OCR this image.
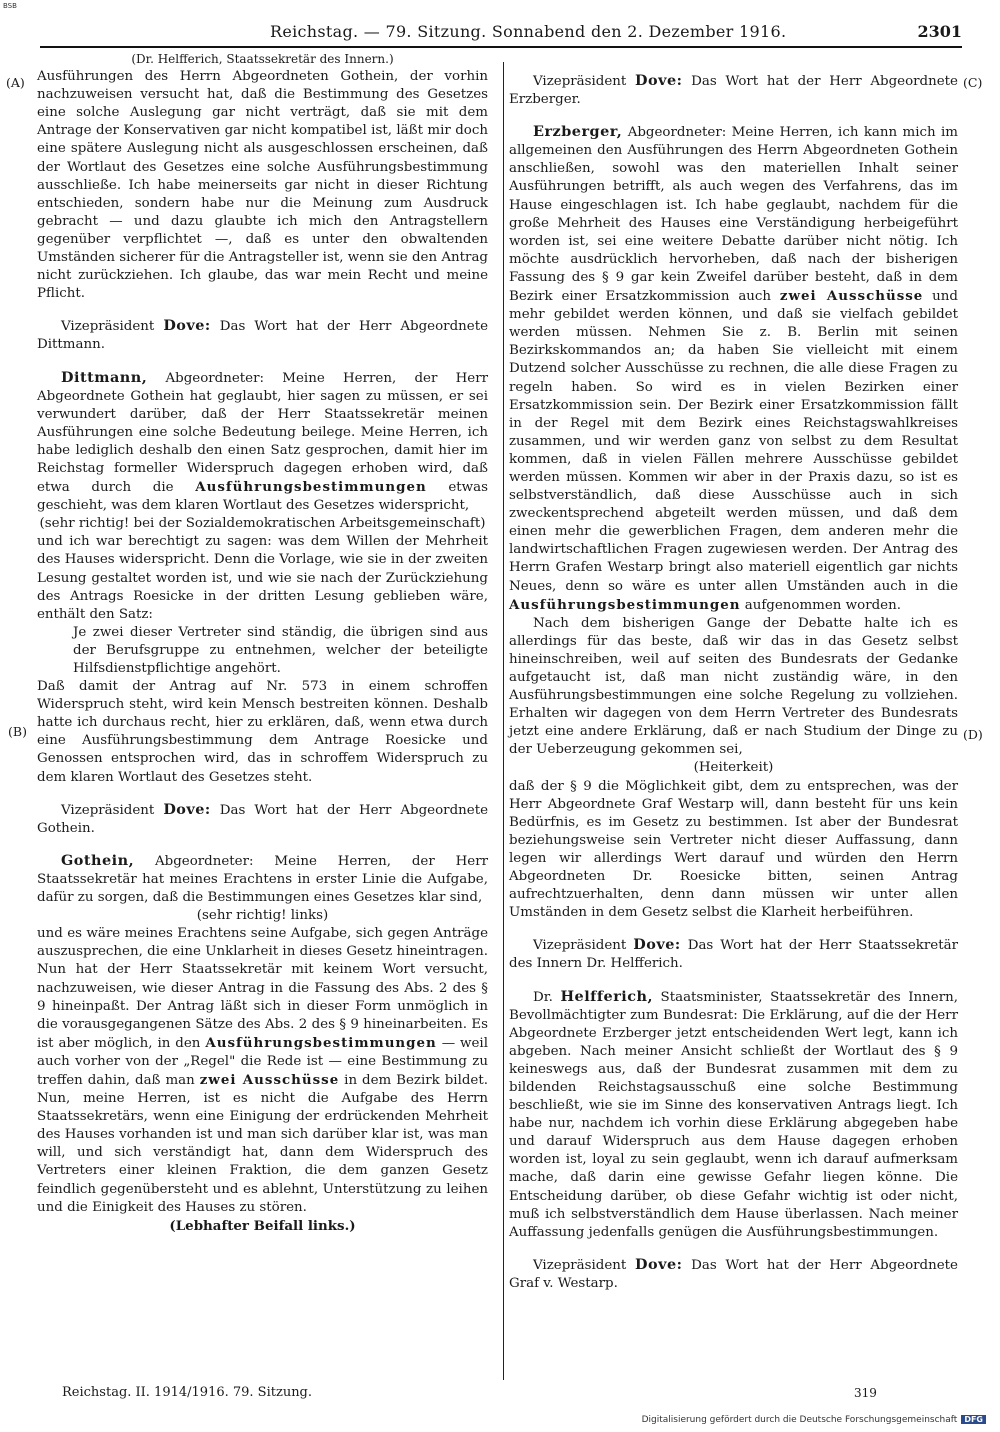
BSB
Reichstag. — 79. Sitzung. Sonnabend den 2. Dezember 1916.	2301
(A)
(B)
(C)
(D)

(Dr. Helfferich, Staatssekretär des Innern.)

Ausführungen des Herrn Abgeordneten Gothein, der vorhin nachzuweisen versucht hat, daß die Bestimmung des Gesetzes eine solche Auslegung gar nicht verträgt, daß sie mit dem Antrage der Konservativen gar nicht kompatibel ist, läßt mir doch eine spätere Auslegung nicht als ausgeschlossen erscheinen, daß der Wortlaut des Gesetzes eine solche Ausführungsbestimmung ausschließe. Ich habe meinerseits gar nicht in dieser Richtung entschieden, sondern habe nur die Meinung zum Ausdruck gebracht — und dazu glaubte ich mich den Antragstellern gegenüber verpflichtet —, daß es unter den obwaltenden Umständen sicherer für die Antragsteller ist, wenn sie den Antrag nicht zurückziehen. Ich glaube, das war mein Recht und meine Pflicht.

Vizepräsident Dove: Das Wort hat der Herr Abgeordnete Dittmann.

Dittmann, Abgeordneter: Meine Herren, der Herr Abgeordnete Gothein hat geglaubt, hier sagen zu müssen, er sei verwundert darüber, daß der Herr Staatssekretär meinen Ausführungen eine solche Bedeutung beilege. Meine Herren, ich habe lediglich deshalb den einen Satz gesprochen, damit hier im Reichstag formeller Widerspruch dagegen erhoben wird, daß etwa durch die Ausführungsbestimmungen etwas geschieht, was dem klaren Wortlaut des Gesetzes widerspricht,

(sehr richtig! bei der Sozialdemokratischen Arbeitsgemeinschaft)

und ich war berechtigt zu sagen: was dem Willen der Mehrheit des Hauses widerspricht. Denn die Vorlage, wie sie in der zweiten Lesung gestaltet worden ist, und wie sie nach der Zurückziehung des Antrags Roesicke in der dritten Lesung geblieben wäre, enthält den Satz:

Je zwei dieser Vertreter sind ständig, die übrigen sind aus der Berufsgruppe zu entnehmen, welcher der beteiligte Hilfsdienstpflichtige angehört.

Daß damit der Antrag auf Nr. 573 in einem schroffen Widerspruch steht, wird kein Mensch bestreiten können. Deshalb hatte ich durchaus recht, hier zu erklären, daß, wenn etwa durch eine Ausführungsbestimmung dem Antrage Roesicke und Genossen entsprochen wird, das in schroffem Widerspruch zu dem klaren Wortlaut des Gesetzes steht.

Vizepräsident Dove: Das Wort hat der Herr Abgeordnete Gothein.

Gothein, Abgeordneter: Meine Herren, der Herr Staatssekretär hat meines Erachtens in erster Linie die Aufgabe, dafür zu sorgen, daß die Bestimmungen eines Gesetzes klar sind,

(sehr richtig! links)

und es wäre meines Erachtens seine Aufgabe, sich gegen Anträge auszusprechen, die eine Unklarheit in dieses Gesetz hineintragen. Nun hat der Herr Staatssekretär mit keinem Wort versucht, nachzuweisen, wie dieser Antrag in die Fassung des Abs. 2 des § 9 hineinpaßt. Der Antrag läßt sich in dieser Form unmöglich in die vorausgegangenen Sätze des Abs. 2 des § 9 hineinarbeiten. Es ist aber möglich, in den Ausführungsbestimmungen — weil auch vorher von der „Regel" die Rede ist — eine Bestimmung zu treffen dahin, daß man zwei Ausschüsse in dem Bezirk bildet. Nun, meine Herren, ist es nicht die Aufgabe des Herrn Staatssekretärs, wenn eine Einigung der erdrückenden Mehrheit des Hauses vorhanden ist und man sich darüber klar ist, was man will, und sich verständigt hat, dann dem Widerspruch des Vertreters einer kleinen Fraktion, die dem ganzen Gesetz feindlich gegenübersteht und es ablehnt, Unterstützung zu leihen und die Einigkeit des Hauses zu stören.

(Lebhafter Beifall links.)

Vizepräsident Dove: Das Wort hat der Herr Abgeordnete Erzberger.

Erzberger, Abgeordneter: Meine Herren, ich kann mich im allgemeinen den Ausführungen des Herrn Abgeordneten Gothein anschließen, sowohl was den materiellen Inhalt seiner Ausführungen betrifft, als auch wegen des Verfahrens, das im Hause eingeschlagen ist. Ich habe geglaubt, nachdem für die große Mehrheit des Hauses eine Verständigung herbeigeführt worden ist, sei eine weitere Debatte darüber nicht nötig. Ich möchte ausdrücklich hervorheben, daß nach der bisherigen Fassung des § 9 gar kein Zweifel darüber besteht, daß in dem Bezirk einer Ersatzkommission auch zwei Ausschüsse und mehr gebildet werden können, und daß sie vielfach gebildet werden müssen. Nehmen Sie z. B. Berlin mit seinen Bezirkskommandos an; da haben Sie vielleicht mit einem Dutzend solcher Ausschüsse zu rechnen, die alle diese Fragen zu regeln haben. So wird es in vielen Bezirken einer Ersatzkommission sein. Der Bezirk einer Ersatzkommission fällt in der Regel mit dem Bezirk eines Reichstagswahlkreises zusammen, und wir werden ganz von selbst zu dem Resultat kommen, daß in vielen Fällen mehrere Ausschüsse gebildet werden müssen. Kommen wir aber in der Praxis dazu, so ist es selbstverständlich, daß diese Ausschüsse auch in sich zweckentsprechend abgeteilt werden müssen, und daß dem einen mehr die gewerblichen Fragen, dem anderen mehr die landwirtschaftlichen Fragen zugewiesen werden. Der Antrag des Herrn Grafen Westarp bringt also materiell eigentlich gar nichts Neues, denn so wäre es unter allen Umständen auch in die Ausführungsbestimmungen aufgenommen worden.

Nach dem bisherigen Gange der Debatte halte ich es allerdings für das beste, daß wir das in das Gesetz selbst hineinschreiben, weil auf seiten des Bundesrats der Gedanke aufgetaucht ist, daß man nicht zuständig wäre, in den Ausführungsbestimmungen eine solche Regelung zu vollziehen. Erhalten wir dagegen von dem Herrn Vertreter des Bundesrats jetzt eine andere Erklärung, daß er nach Studium der Dinge zu der Ueberzeugung gekommen sei,

(Heiterkeit)

daß der § 9 die Möglichkeit gibt, dem zu entsprechen, was der Herr Abgeordnete Graf Westarp will, dann besteht für uns kein Bedürfnis, es im Gesetz zu bestimmen. Ist aber der Bundesrat beziehungsweise sein Vertreter nicht dieser Auffassung, dann legen wir allerdings Wert darauf und würden den Herrn Abgeordneten Dr. Roesicke bitten, seinen Antrag aufrechtzuerhalten, denn dann müssen wir unter allen Umständen in dem Gesetz selbst die Klarheit herbeiführen.

Vizepräsident Dove: Das Wort hat der Herr Staatssekretär des Innern Dr. Helfferich.

Dr. Helfferich, Staatsminister, Staatssekretär des Innern, Bevollmächtigter zum Bundesrat: Die Erklärung, auf die der Herr Abgeordnete Erzberger jetzt entscheidenden Wert legt, kann ich abgeben. Nach meiner Ansicht schließt der Wortlaut des § 9 keineswegs aus, daß der Bundesrat zusammen mit dem zu bildenden Reichstagsausschuß eine solche Bestimmung beschließt, wie sie im Sinne des konservativen Antrags liegt. Ich habe nur, nachdem ich vorhin diese Erklärung abgegeben habe und darauf Widerspruch aus dem Hause dagegen erhoben worden ist, loyal zu sein geglaubt, wenn ich darauf aufmerksam mache, daß darin eine gewisse Gefahr liegen könne. Die Entscheidung darüber, ob diese Gefahr wichtig ist oder nicht, muß ich selbstverständlich dem Hause überlassen. Nach meiner Auffassung jedenfalls genügen die Ausführungsbestimmungen.

Vizepräsident Dove: Das Wort hat der Herr Abgeordnete Graf v. Westarp.

Reichstag. II. 1914/1916. 79. Sitzung.	319
Digitalisierung gefördert durch die Deutsche Forschungsgemeinschaft DFG
